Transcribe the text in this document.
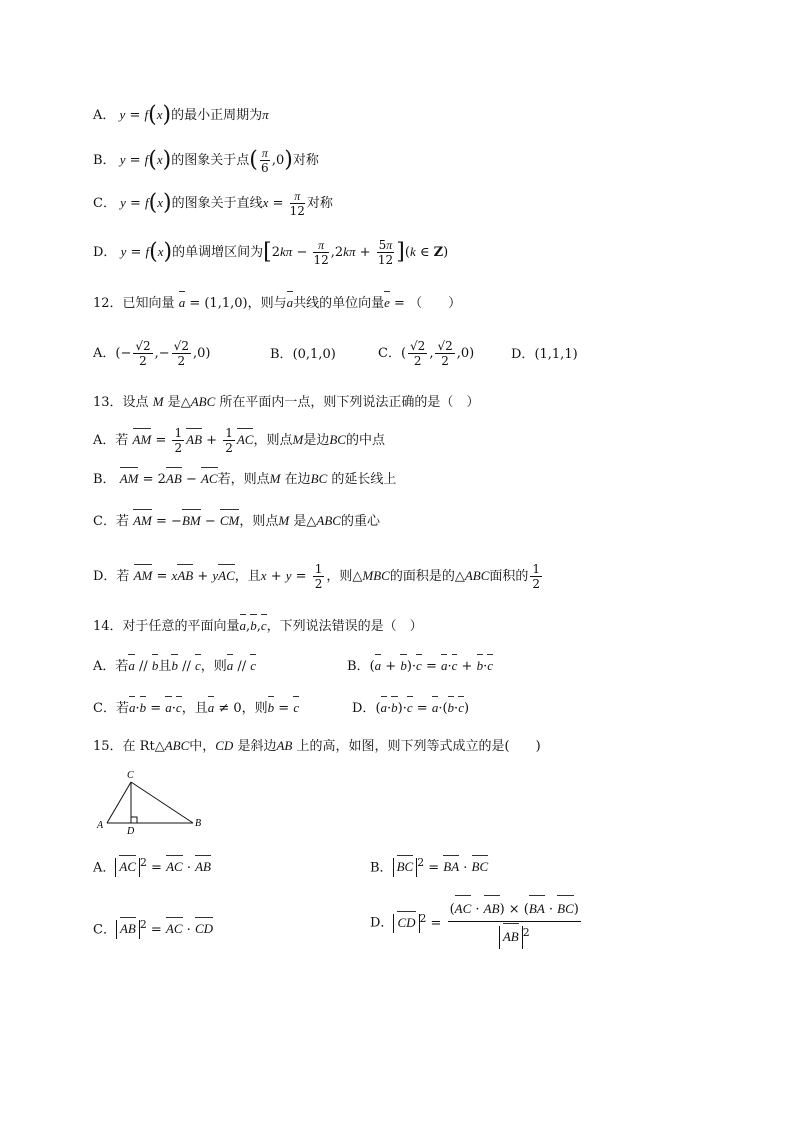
A． y = f(x)的最小正周期为π
B． y = f(x)的图象关于点( $\frac{\pi}{6} ,0$)对称
C． y = f(x)的图象关于直线$x = \frac{\pi}{12}$ 对称
D． y = f(x)的单调增区间为$[2k\pi - \frac{\pi}{12} ,2k\pi + \frac{5\pi}{12} ](k$ ∈ Z)
12．已知向量 a = (1,1,0)，则与a共线的单位向量e = （　　）
A．(− $\frac{√2}{2}$ ,− $\frac{√2}{2} ,0$)	B．(0,1,0)	C．( $\frac{√2}{2}$ , $\frac{√2}{2} ,0$)	D．(1,1,1)
13．设点 M 是△ABC 所在平面内一点，则下列说法正确的是（　）
A．若 AM = $\frac{1}{2}$ AB + $\frac{1}{2}$ AC，则点M是边BC的中点
B． AM = 2AB − AC若，则点M 在边BC 的延长线上
C．若 AM = −BM − CM，则点M 是△ABC的重心
D．若 AM = xAB + yAC，且$x + y = \frac{1}{2}$ ，则△MBC的面积是的△ABC面积的 $\frac{1}{2}$
14．对于任意的平面向量a,b,c，下列说法错误的是（　）
A．若a // b且b // c，则a // c	B．(a + b)·c = a·c + b·c
C．若a·b = a·c，且a ≠ 0，则b = c	D．(a·b)·c = a·(b·c)
15．在 Rt△ABC中，CD 是斜边AB 上的高，如图，则下列等式成立的是(　　)
A	B
C
D
A． AC $^2$ = AC · AB	B． BC $^2$ = BA · BC
C． AB $^2$ = AC · CD	D． CD $^2 = \frac{(AC \cdot AB) \times (BA \cdot BC)}{AB ^2}$
